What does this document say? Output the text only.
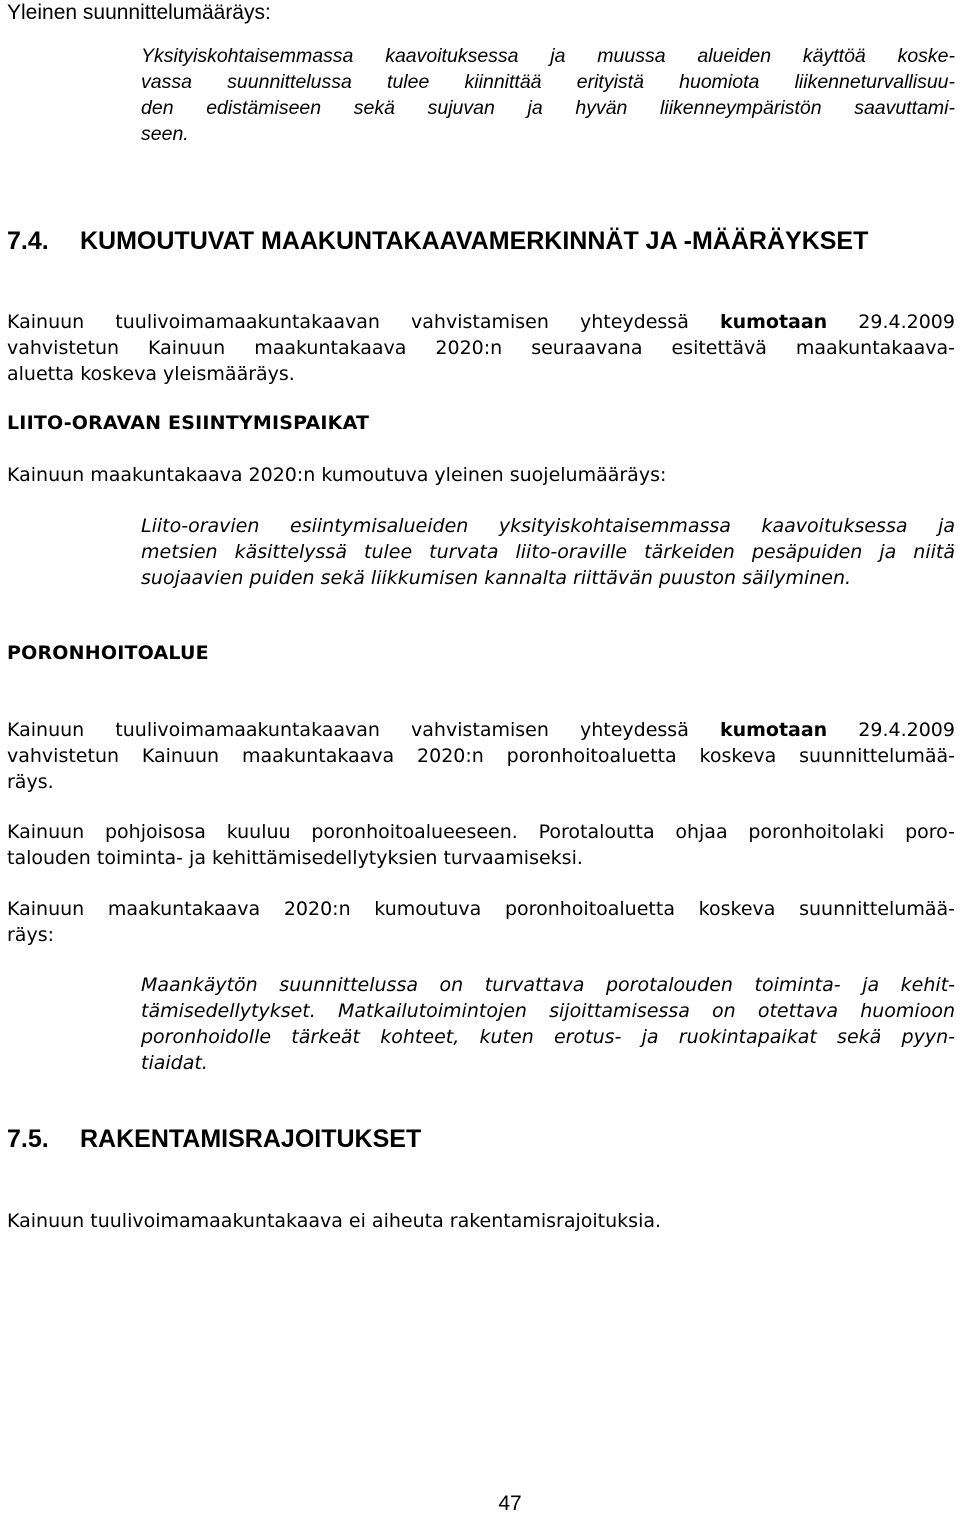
Yleinen suunnittelumääräys:

Yksityiskohtaisemmassa kaavoituksessa ja muussa alueiden käyttöä koske-
vassa suunnittelussa tulee kiinnittää erityistä huomiota liikenneturvallisuu-
den edistämiseen sekä sujuvan ja hyvän liikenneympäristön saavuttami-
seen.
7.4. KUMOUTUVAT MAAKUNTAKAAVAMERKINNÄT JA -MÄÄRÄYKSET
Kainuun tuulivoimamaakuntakaavan vahvistamisen yhteydessä kumotaan 29.4.2009
vahvistetun Kainuun maakuntakaava 2020:n seuraavana esitettävä maakuntakaava-
aluetta koskeva yleismääräys.

LIITO-ORAVAN ESIINTYMISPAIKAT

Kainuun maakuntakaava 2020:n kumoutuva yleinen suojelumääräys:

Liito-oravien esiintymisalueiden yksityiskohtaisemmassa kaavoituksessa ja
metsien käsittelyssä tulee turvata liito-oraville tärkeiden pesäpuiden ja niitä
suojaavien puiden sekä liikkumisen kannalta riittävän puuston säilyminen.

PORONHOITOALUE

Kainuun tuulivoimamaakuntakaavan vahvistamisen yhteydessä kumotaan 29.4.2009
vahvistetun Kainuun maakuntakaava 2020:n poronhoitoaluetta koskeva suunnittelumää-
räys.
Kainuun pohjoisosa kuuluu poronhoitoalueeseen. Porotaloutta ohjaa poronhoitolaki poro-
talouden toiminta- ja kehittämisedellytyksien turvaamiseksi.
Kainuun maakuntakaava 2020:n kumoutuva poronhoitoaluetta koskeva suunnittelumää-
räys:
Maankäytön suunnittelussa on turvattava porotalouden toiminta- ja kehit-
tämisedellytykset. Matkailutoimintojen sijoittamisessa on otettava huomioon
poronhoidolle tärkeät kohteet, kuten erotus- ja ruokintapaikat sekä pyyn-
tiaidat.
7.5. RAKENTAMISRAJOITUKSET

Kainuun tuulivoimamaakuntakaava ei aiheuta rakentamisrajoituksia.

47
